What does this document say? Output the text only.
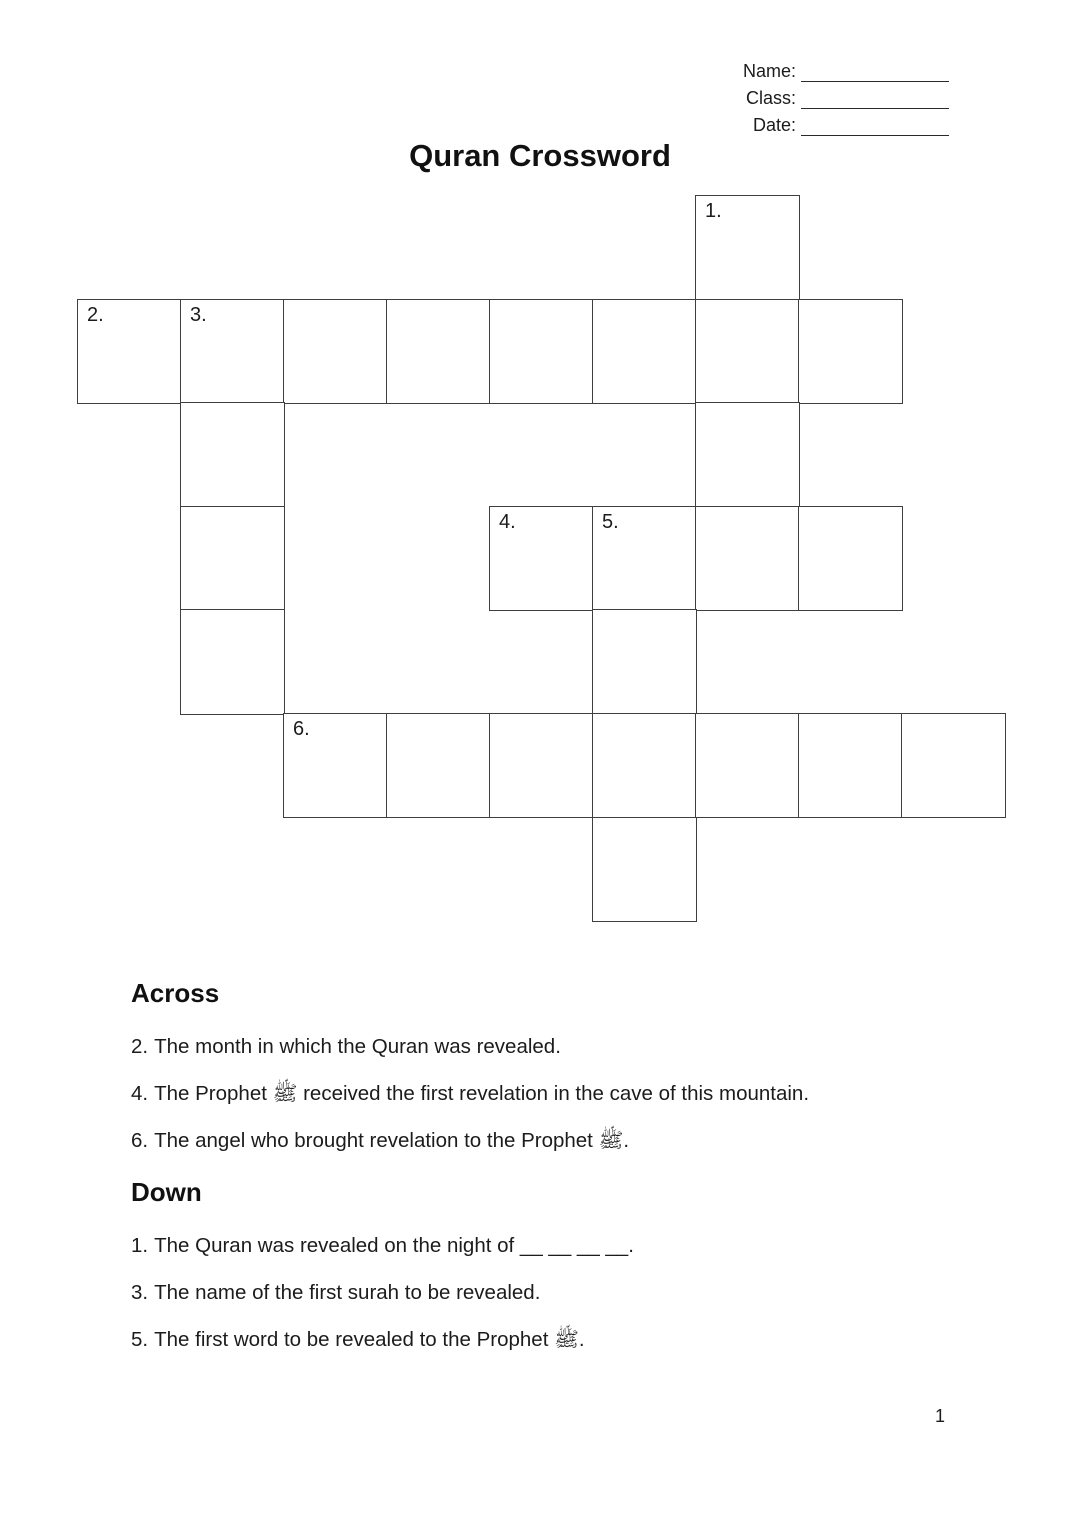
Name:
Class:
Date:
Quran Crossword
1.
2.	3.
4.	5.
6.
Across

2. The month in which the Quran was revealed.

4. The Prophet ﷺ received the first revelation in the cave of this mountain.

6. The angel who brought revelation to the Prophet ﷺ.

Down

1. The Quran was revealed on the night of __ __ __ __.

3. The name of the first surah to be revealed.

5. The first word to be revealed to the Prophet ﷺ.

1
